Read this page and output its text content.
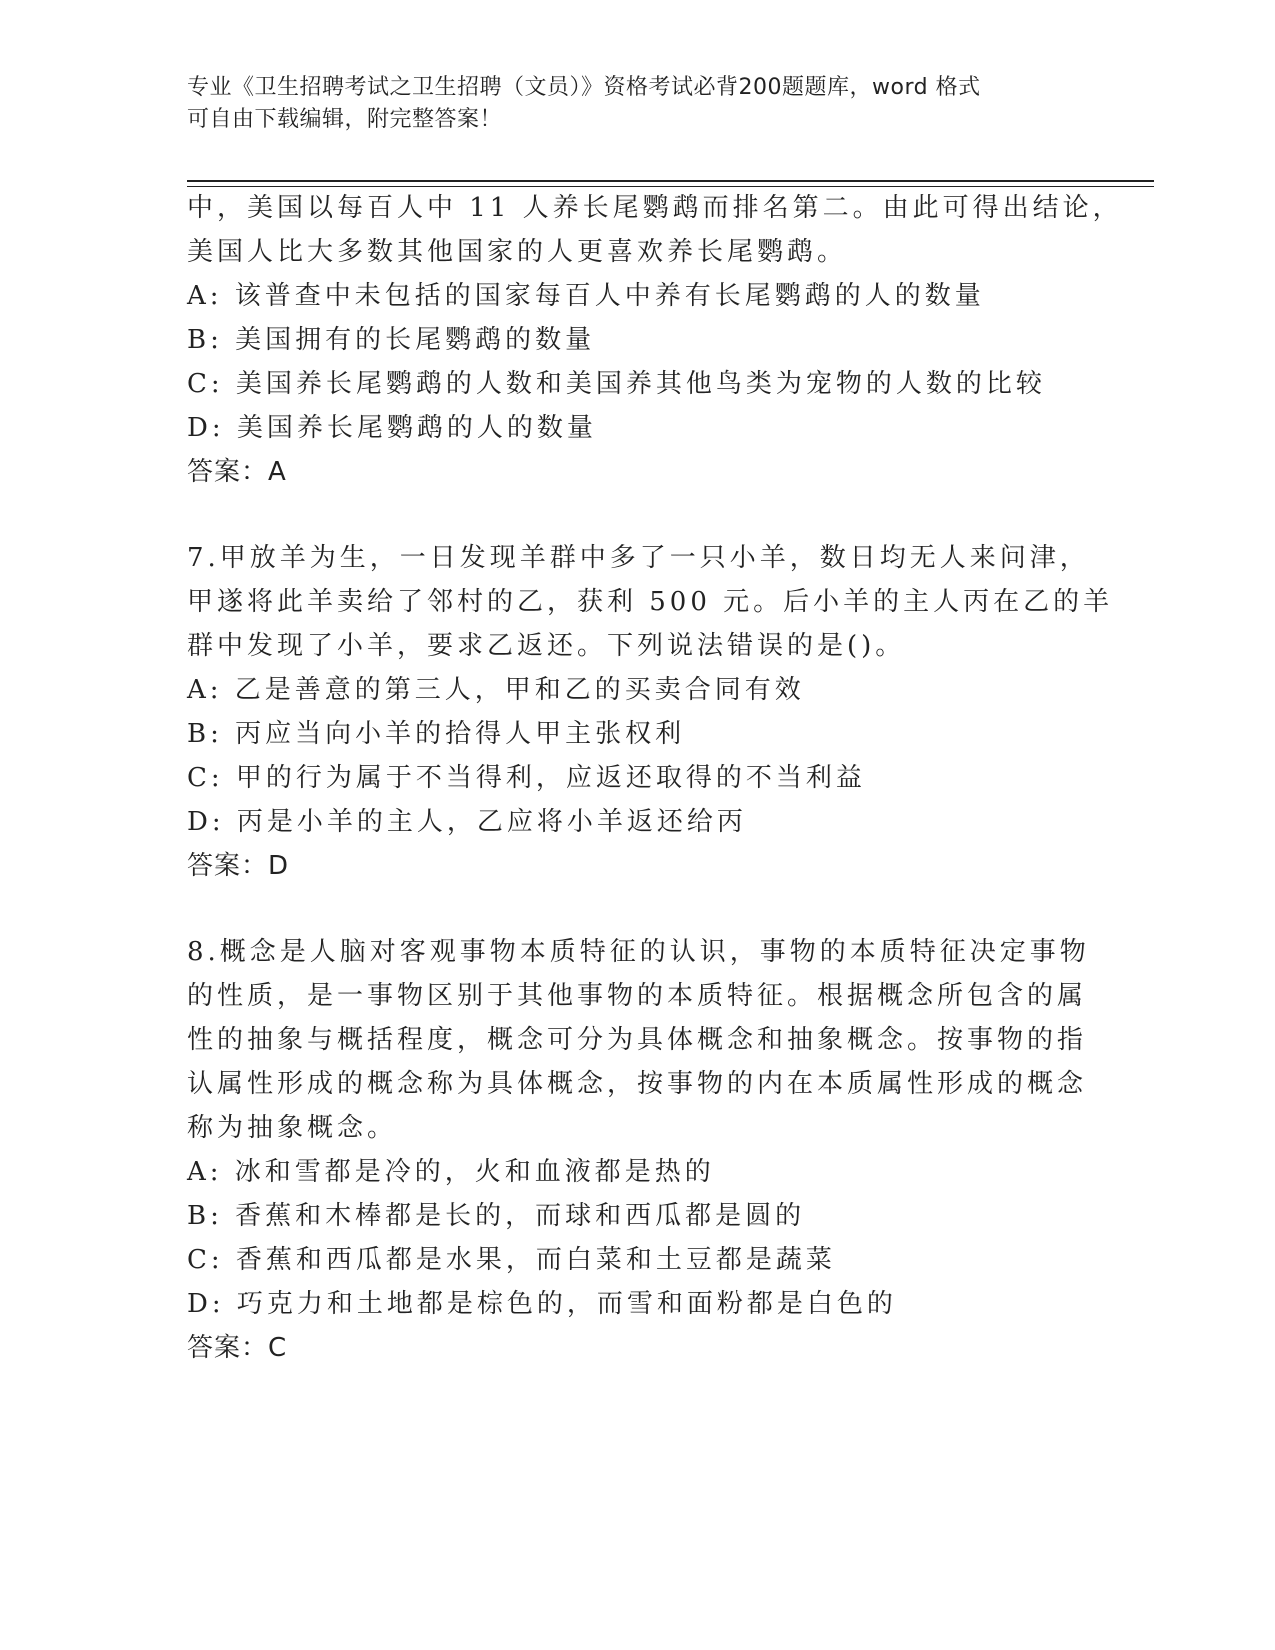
专业《卫生招聘考试之卫生招聘（文员）》资格考试必背200题题库，word 格式
可自由下载编辑，附完整答案！
中，美国以每百人中 11 人养长尾鹦鹉而排名第二。由此可得出结论，
美国人比大多数其他国家的人更喜欢养长尾鹦鹉。
A: 该普查中未包括的国家每百人中养有长尾鹦鹉的人的数量
B: 美国拥有的长尾鹦鹉的数量
C: 美国养长尾鹦鹉的人数和美国养其他鸟类为宠物的人数的比较
D: 美国养长尾鹦鹉的人的数量
答案：A
7.甲放羊为生，一日发现羊群中多了一只小羊，数日均无人来问津，
甲遂将此羊卖给了邻村的乙，获利 500 元。后小羊的主人丙在乙的羊
群中发现了小羊，要求乙返还。下列说法错误的是()。
A: 乙是善意的第三人，甲和乙的买卖合同有效
B: 丙应当向小羊的拾得人甲主张权利
C: 甲的行为属于不当得利，应返还取得的不当利益
D: 丙是小羊的主人，乙应将小羊返还给丙
答案：D
8.概念是人脑对客观事物本质特征的认识，事物的本质特征决定事物
的性质，是一事物区别于其他事物的本质特征。根据概念所包含的属
性的抽象与概括程度，概念可分为具体概念和抽象概念。按事物的指
认属性形成的概念称为具体概念，按事物的内在本质属性形成的概念
称为抽象概念。
A: 冰和雪都是冷的，火和血液都是热的
B: 香蕉和木棒都是长的，而球和西瓜都是圆的
C: 香蕉和西瓜都是水果，而白菜和土豆都是蔬菜
D: 巧克力和土地都是棕色的，而雪和面粉都是白色的
答案：C
